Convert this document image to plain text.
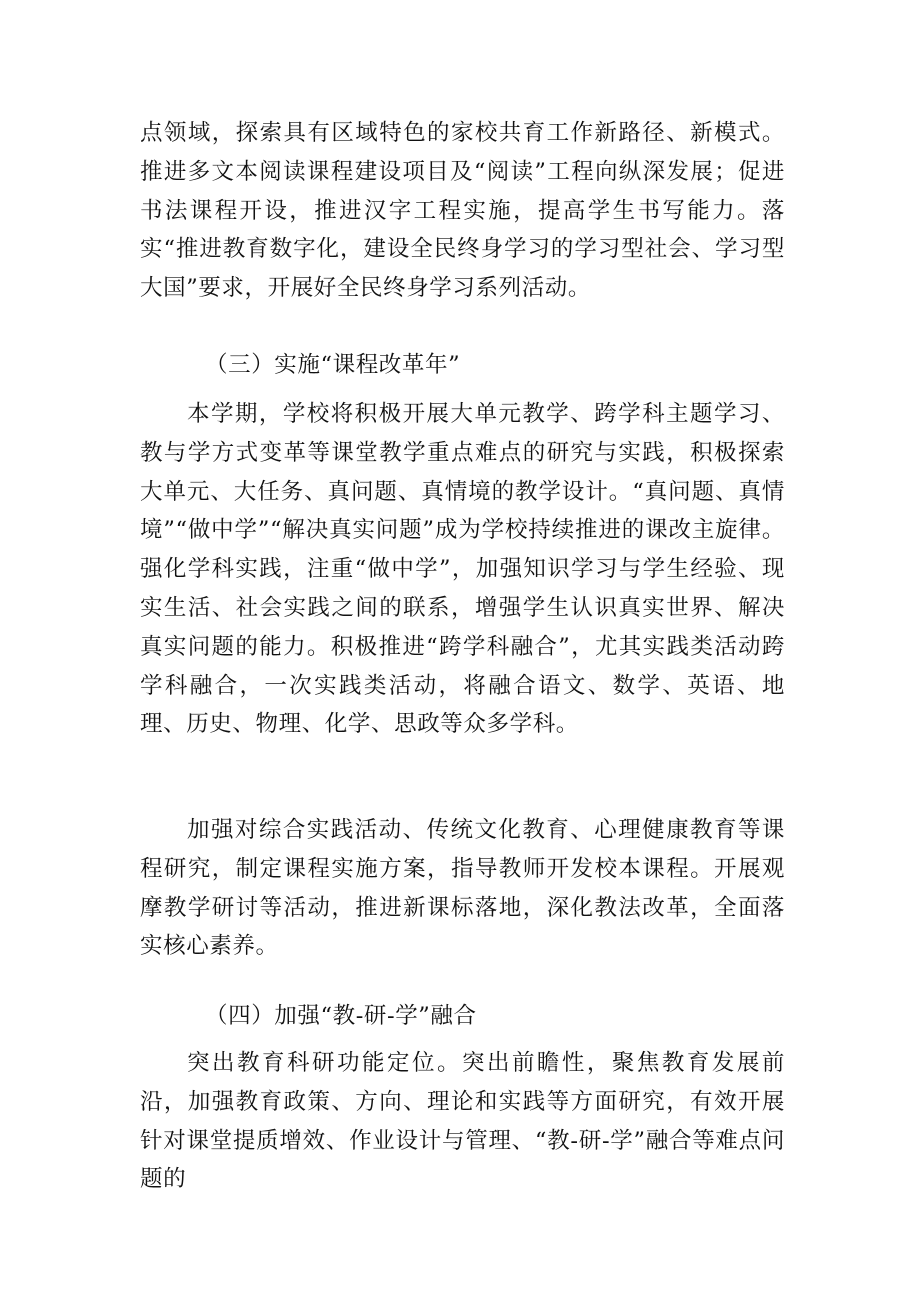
点领域，探索具有区域特色的家校共育工作新路径、新模式。推进多文本阅读课程建设项目及“阅读”工程向纵深发展；促进书法课程开设，推进汉字工程实施，提高学生书写能力。落实“推进教育数字化，建设全民终身学习的学习型社会、学习型大国”要求，开展好全民终身学习系列活动。

（三）实施“课程改革年”

本学期，学校将积极开展大单元教学、跨学科主题学习、教与学方式变革等课堂教学重点难点的研究与实践，积极探索大单元、大任务、真问题、真情境的教学设计。“真问题、真情境”“做中学”“解决真实问题”成为学校持续推进的课改主旋律。强化学科实践，注重“做中学”，加强知识学习与学生经验、现实生活、社会实践之间的联系，增强学生认识真实世界、解决真实问题的能力。积极推进“跨学科融合”，尤其实践类活动跨学科融合，一次实践类活动，将融合语文、数学、英语、地理、历史、物理、化学、思政等众多学科。

加强对综合实践活动、传统文化教育、心理健康教育等课程研究，制定课程实施方案，指导教师开发校本课程。开展观摩教学研讨等活动，推进新课标落地，深化教法改革，全面落实核心素养。

（四）加强“教-研-学”融合

突出教育科研功能定位。突出前瞻性，聚焦教育发展前沿，加强教育政策、方向、理论和实践等方面研究，有效开展针对课堂提质增效、作业设计与管理、“教-研-学”融合等难点问题的
